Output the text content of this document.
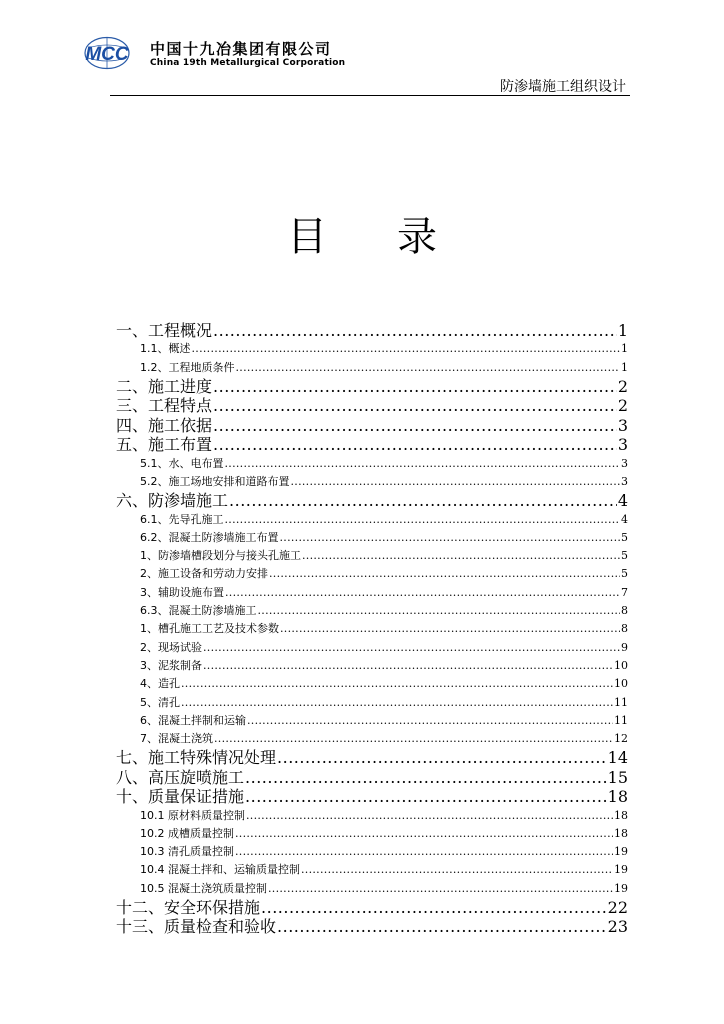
MCC 中国十九冶集团有限公司
China 19th Metallurgical Corporation
防渗墙施工组织设计
目录
一、工程概况 .....	1
1.1、概述 .....	1
1.2、工程地质条件 .....	1
二、施工进度 .....	2
三、工程特点 .....	2
四、施工依据 .....	3
五、施工布置 .....	3
5.1、水、电布置 .....	3
5.2、施工场地安排和道路布置 .....	3
六、防渗墙施工 .....	4
6.1、先导孔施工 .....	4
6.2、混凝土防渗墙施工布置 .....	5
1、防渗墙槽段划分与接头孔施工 .....	5
2、施工设备和劳动力安排 .....	5
3、辅助设施布置 .....	7
6.3、混凝土防渗墙施工 .....	8
1、槽孔施工工艺及技术参数 .....	8
2、现场试验 .....	9
3、泥浆制备 .....	10
4、造孔 .....	10
5、清孔 .....	11
6、混凝土拌制和运输 .....	11
7、混凝土浇筑 .....	12
七、施工特殊情况处理 .....	14
八、高压旋喷施工 .....	15
十、质量保证措施 .....	18
10.1 原材料质量控制 .....	18
10.2 成槽质量控制 .....	18
10.3 清孔质量控制 .....	19
10.4 混凝土拌和、运输质量控制 .....	19
10.5 混凝土浇筑质量控制 .....	19
十二、安全环保措施 .....	22
十三、质量检查和验收 .....	23
